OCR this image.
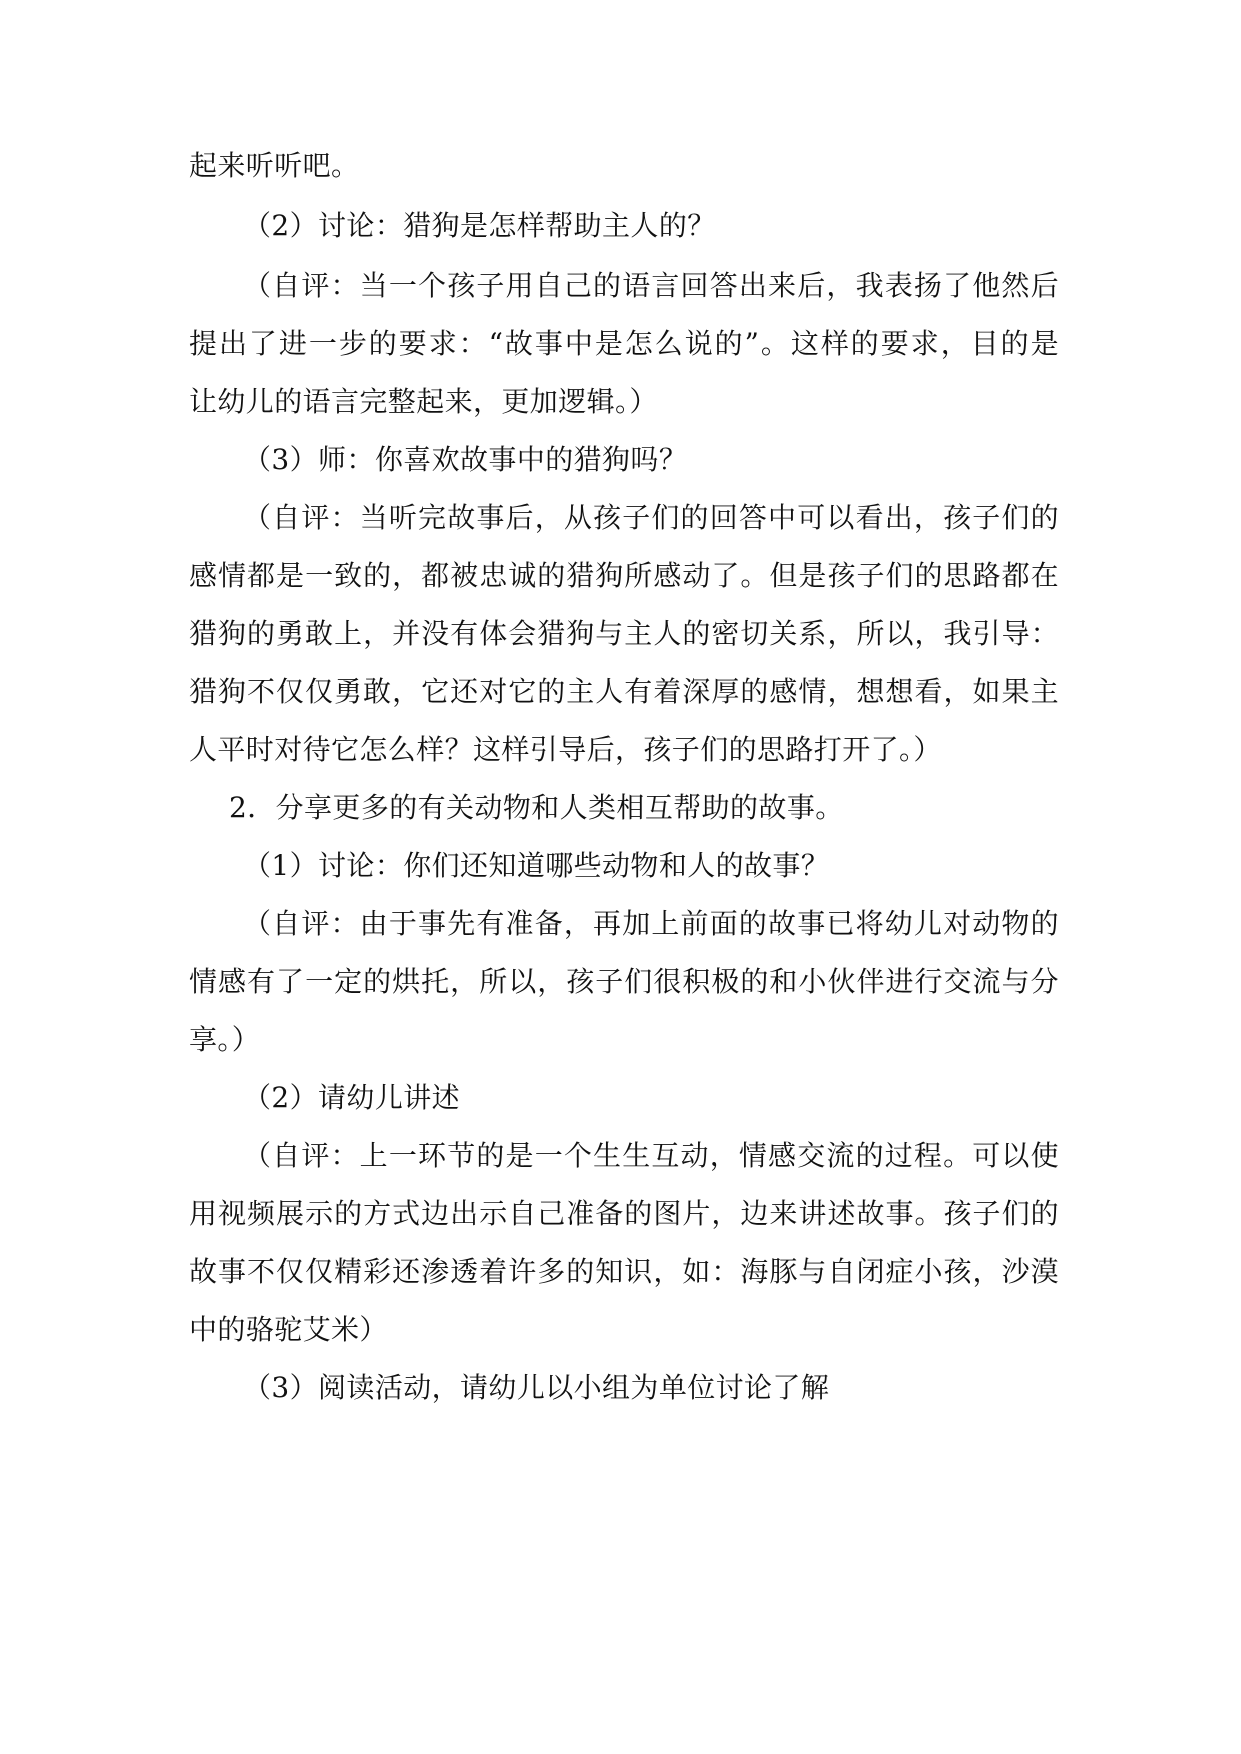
起来听听吧。
（2）讨论：猎狗是怎样帮助主人的？
（自评：当一个孩子用自己的语言回答出来后，我表扬了他然后
提出了进一步的要求：“故事中是怎么说的”。这样的要求，目的是
让幼儿的语言完整起来，更加逻辑。）
（3）师：你喜欢故事中的猎狗吗？
（自评：当听完故事后，从孩子们的回答中可以看出，孩子们的
感情都是一致的，都被忠诚的猎狗所感动了。但是孩子们的思路都在
猎狗的勇敢上，并没有体会猎狗与主人的密切关系，所以，我引导：
猎狗不仅仅勇敢，它还对它的主人有着深厚的感情，想想看，如果主
人平时对待它怎么样？这样引导后，孩子们的思路打开了。）
2．分享更多的有关动物和人类相互帮助的故事。
（1）讨论：你们还知道哪些动物和人的故事？
（自评：由于事先有准备，再加上前面的故事已将幼儿对动物的
情感有了一定的烘托，所以，孩子们很积极的和小伙伴进行交流与分
享。）
（2）请幼儿讲述
（自评：上一环节的是一个生生互动，情感交流的过程。可以使
用视频展示的方式边出示自己准备的图片，边来讲述故事。孩子们的
故事不仅仅精彩还渗透着许多的知识，如：海豚与自闭症小孩，沙漠
中的骆驼艾米）
（3）阅读活动，请幼儿以小组为单位讨论了解
